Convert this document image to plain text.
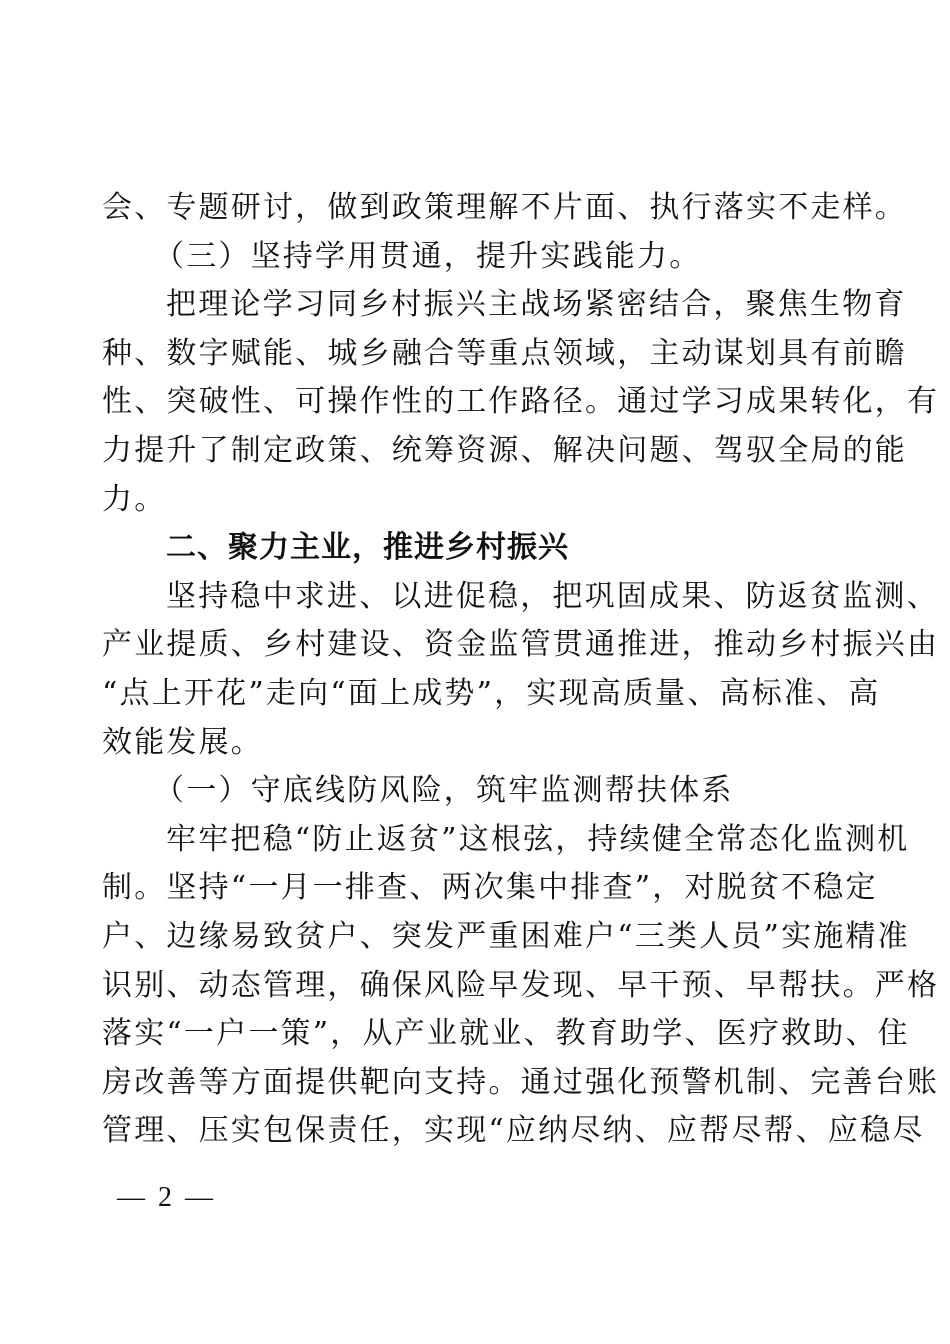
会、专题研讨，做到政策理解不片面、执行落实不走样。
（三）坚持学用贯通，提升实践能力。
把理论学习同乡村振兴主战场紧密结合，聚焦生物育
种、数字赋能、城乡融合等重点领域，主动谋划具有前瞻
性、突破性、可操作性的工作路径。通过学习成果转化，有
力提升了制定政策、统筹资源、解决问题、驾驭全局的能
力。
二、聚力主业，推进乡村振兴
坚持稳中求进、以进促稳，把巩固成果、防返贫监测、
产业提质、乡村建设、资金监管贯通推进，推动乡村振兴由
“点上开花”走向“面上成势”，实现高质量、高标准、高
效能发展。
（一）守底线防风险，筑牢监测帮扶体系
牢牢把稳“防止返贫”这根弦，持续健全常态化监测机
制。坚持“一月一排查、两次集中排查”，对脱贫不稳定
户、边缘易致贫户、突发严重困难户“三类人员”实施精准
识别、动态管理，确保风险早发现、早干预、早帮扶。严格
落实“一户一策”，从产业就业、教育助学、医疗救助、住
房改善等方面提供靶向支持。通过强化预警机制、完善台账
管理、压实包保责任，实现“应纳尽纳、应帮尽帮、应稳尽
— 2 —
